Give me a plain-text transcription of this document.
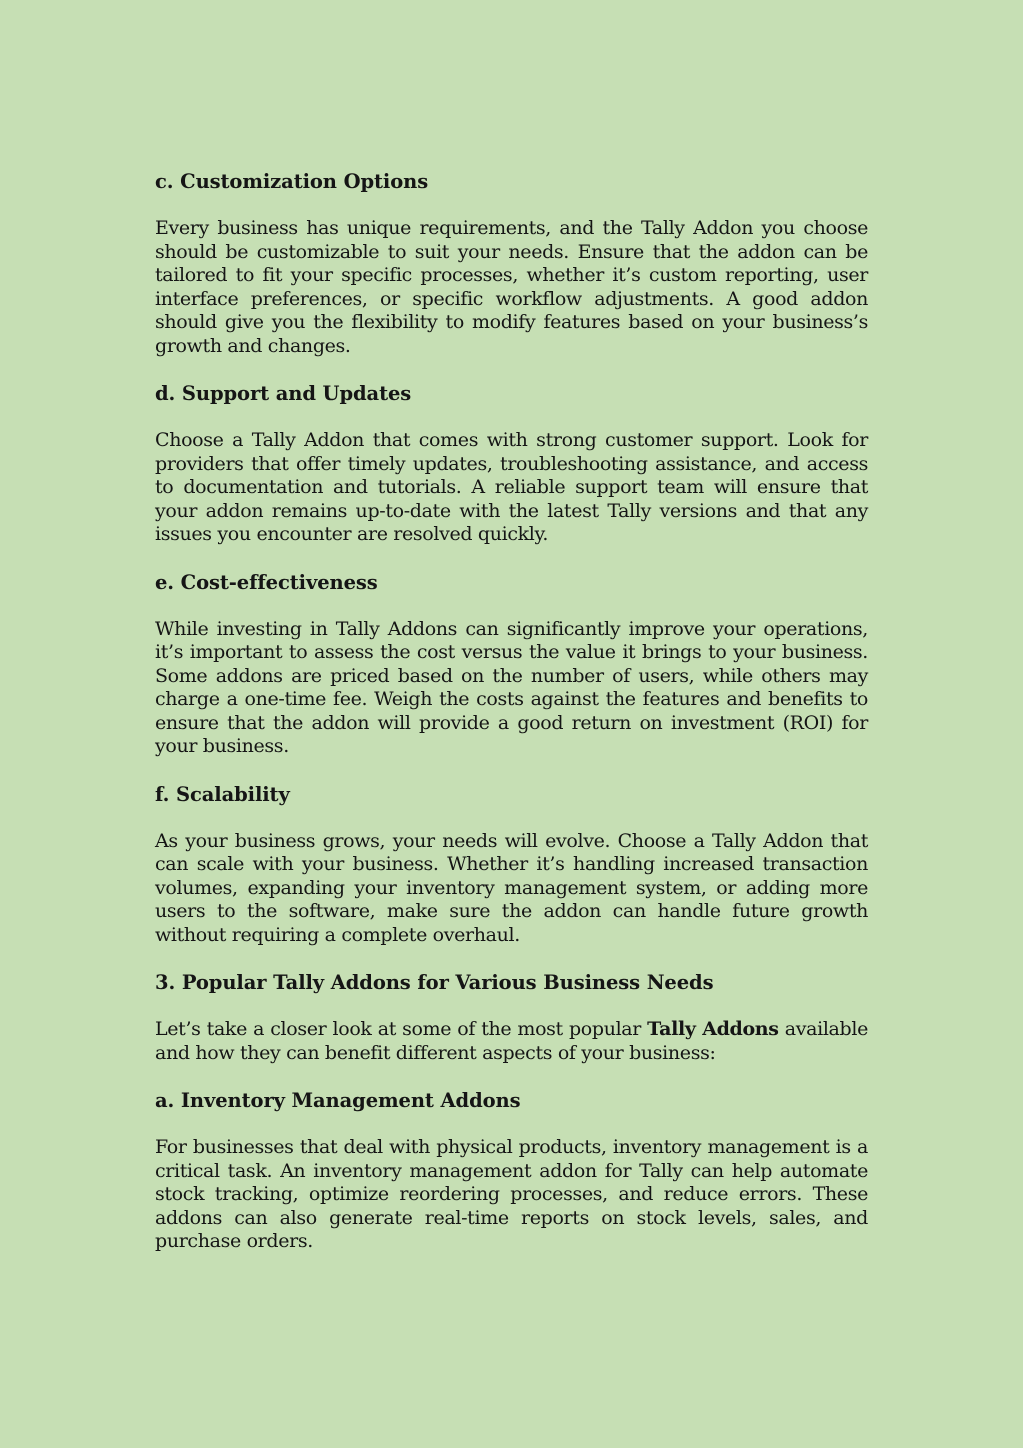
c. Customization Options

Every business has unique requirements, and the Tally Addon you choose should be customizable to suit your needs. Ensure that the addon can be tailored to fit your specific processes, whether it’s custom reporting, user interface preferences, or specific workflow adjustments. A good addon should give you the flexibility to modify features based on your business’s growth and changes.

d. Support and Updates

Choose a Tally Addon that comes with strong customer support. Look for providers that offer timely updates, troubleshooting assistance, and access to documentation and tutorials. A reliable support team will ensure that your addon remains up-to-date with the latest Tally versions and that any issues you encounter are resolved quickly.

e. Cost-effectiveness

While investing in Tally Addons can significantly improve your operations, it’s important to assess the cost versus the value it brings to your business. Some addons are priced based on the number of users, while others may charge a one-time fee. Weigh the costs against the features and benefits to ensure that the addon will provide a good return on investment (ROI) for your business.

f. Scalability

As your business grows, your needs will evolve. Choose a Tally Addon that can scale with your business. Whether it’s handling increased transaction volumes, expanding your inventory management system, or adding more users to the software, make sure the addon can handle future growth without requiring a complete overhaul.

3. Popular Tally Addons for Various Business Needs

Let’s take a closer look at some of the most popular Tally Addons available and how they can benefit different aspects of your business:

a. Inventory Management Addons

For businesses that deal with physical products, inventory management is a critical task. An inventory management addon for Tally can help automate stock tracking, optimize reordering processes, and reduce errors. These addons can also generate real-time reports on stock levels, sales, and purchase orders.
